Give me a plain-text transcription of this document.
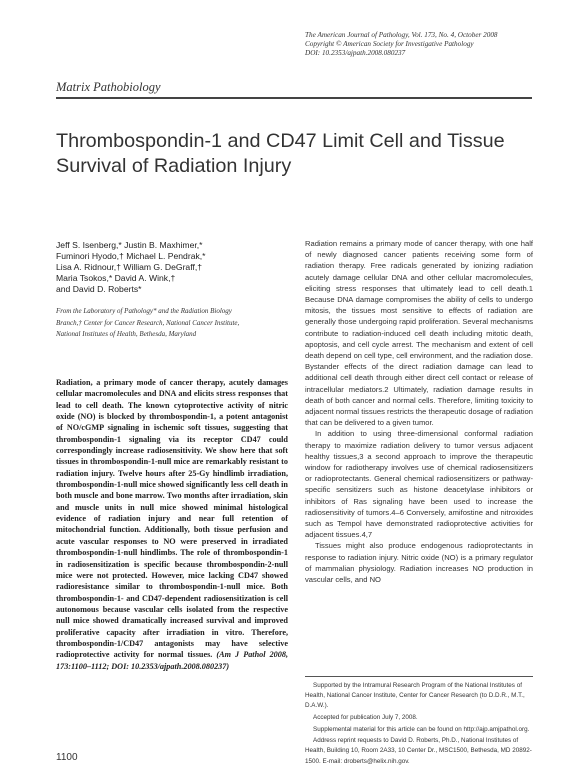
The American Journal of Pathology, Vol. 173, No. 4, October 2008
Copyright © American Society for Investigative Pathology
DOI: 10.2353/ajpath.2008.080237
Matrix Pathobiology
Thrombospondin-1 and CD47 Limit Cell and Tissue
Survival of Radiation Injury
Jeff S. Isenberg,* Justin B. Maxhimer,*
Fuminori Hyodo,† Michael L. Pendrak,*
Lisa A. Ridnour,† William G. DeGraff,†
Maria Tsokos,* David A. Wink,†
and David D. Roberts*
From the Laboratory of Pathology* and the Radiation Biology
Branch,† Center for Cancer Research, National Cancer Institute,
National Institutes of Health, Bethesda, Maryland

Radiation, a primary mode of cancer therapy, acutely damages cellular macromolecules and DNA and elicits stress responses that lead to cell death. The known cytoprotective activity of nitric oxide (NO) is blocked by thrombospondin-1, a potent antagonist of NO/cGMP signaling in ischemic soft tissues, suggesting that thrombospondin-1 signaling via its receptor CD47 could correspondingly increase radiosensitivity. We show here that soft tissues in thrombospondin-1-null mice are remarkably resistant to radiation injury. Twelve hours after 25-Gy hindlimb irradiation, thrombospondin-1-null mice showed significantly less cell death in both muscle and bone marrow. Two months after irradiation, skin and muscle units in null mice showed minimal histological evidence of radiation injury and near full retention of mitochondrial function. Additionally, both tissue perfusion and acute vascular responses to NO were preserved in irradiated thrombospondin-1-null hindlimbs. The role of thrombospondin-1 in radiosensitization is specific because thrombospondin-2-null mice were not protected. However, mice lacking CD47 showed radioresistance similar to thrombospondin-1-null mice. Both thrombospondin-1- and CD47-dependent radiosensitization is cell autonomous because vascular cells isolated from the respective null mice showed dramatically increased survival and improved proliferative capacity after irradiation in vitro. Therefore, thrombospondin-1/CD47 antagonists may have selective radioprotective activity for normal tissues. (Am J Pathol 2008, 173:1100–1112; DOI: 10.2353/ajpath.2008.080237)

Radiation remains a primary mode of cancer therapy, with one half of newly diagnosed cancer patients receiving some form of radiation therapy. Free radicals generated by ionizing radiation acutely damage cellular DNA and other cellular macromolecules, eliciting stress responses that ultimately lead to cell death.1 Because DNA damage compromises the ability of cells to undergo mitosis, the tissues most sensitive to effects of radiation are generally those undergoing rapid proliferation. Several mechanisms contribute to radiation-induced cell death including mitotic death, apoptosis, and cell cycle arrest. The mechanism and extent of cell death depend on cell type, cell environment, and the radiation dose. Bystander effects of the direct radiation damage can lead to additional cell death through either direct cell contact or release of intracellular mediators.2 Ultimately, radiation damage results in death of both cancer and normal cells. Therefore, limiting toxicity to adjacent normal tissues restricts the therapeutic dosage of radiation that can be delivered to a given tumor.

In addition to using three-dimensional conformal radiation therapy to maximize radiation delivery to tumor versus adjacent healthy tissues,3 a second approach to improve the therapeutic window for radiotherapy involves use of chemical radiosensitizers or radioprotectants. General chemical radiosensitizers or pathway-specific sensitizers such as histone deacetylase inhibitors or inhibitors of Ras signaling have been used to increase the radiosensitivity of tumors.4–6 Conversely, amifostine and nitroxides such as Tempol have demonstrated radioprotective activities for adjacent tissues.4,7

Tissues might also produce endogenous radioprotectants in response to radiation injury. Nitric oxide (NO) is a primary regulator of mammalian physiology. Radiation increases NO production in vascular cells, and NO

Supported by the Intramural Research Program of the National Institutes of Health, National Cancer Institute, Center for Cancer Research (to D.D.R., M.T., D.A.W.).

Accepted for publication July 7, 2008.

Supplemental material for this article can be found on http://ajp.amjpathol.org.

Address reprint requests to David D. Roberts, Ph.D., National Institutes of Health, Building 10, Room 2A33, 10 Center Dr., MSC1500, Bethesda, MD 20892-1500. E-mail: droberts@helix.nih.gov.

1100
